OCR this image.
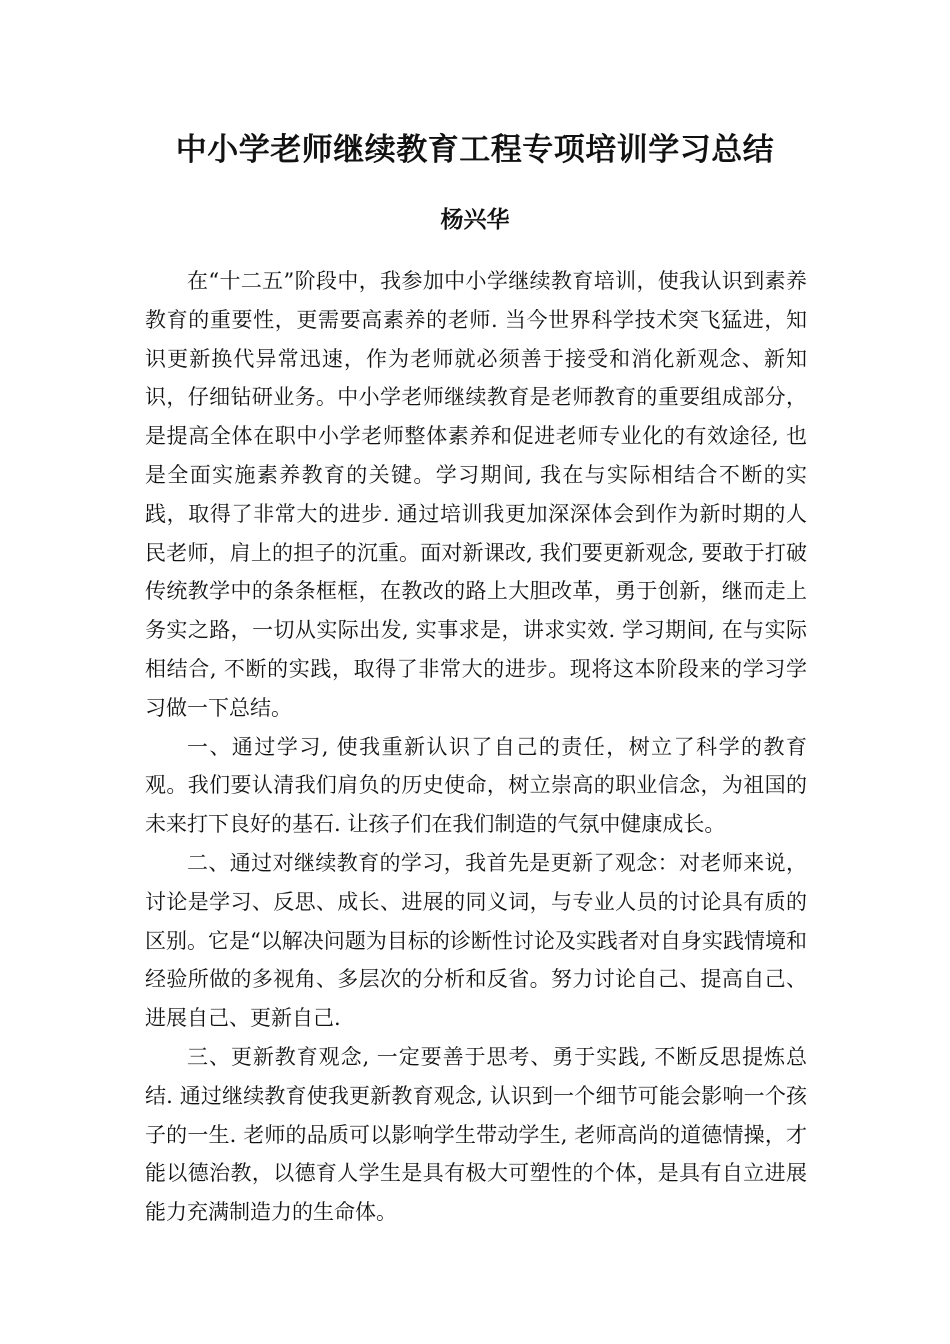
中小学老师继续教育工程专项培训学习总结
杨兴华

在“十二五”阶段中，我参加中小学继续教育培训，使我认识到素养教育的重要性，更需要高素养的老师. 当今世界科学技术突飞猛进，知识更新换代异常迅速，作为老师就必须善于接受和消化新观念、新知识，仔细钻研业务。中小学老师继续教育是老师教育的重要组成部分，是提高全体在职中小学老师整体素养和促进老师专业化的有效途径, 也是全面实施素养教育的关键。学习期间, 我在与实际相结合不断的实践，取得了非常大的进步. 通过培训我更加深深体会到作为新时期的人民老师，肩上的担子的沉重。面对新课改, 我们要更新观念, 要敢于打破传统教学中的条条框框，在教改的路上大胆改革，勇于创新，继而走上务实之路，一切从实际出发, 实事求是，讲求实效. 学习期间, 在与实际相结合, 不断的实践，取得了非常大的进步。现将这本阶段来的学习学习做一下总结。

一、通过学习, 使我重新认识了自己的责任，树立了科学的教育观。我们要认清我们肩负的历史使命，树立崇高的职业信念，为祖国的未来打下良好的基石. 让孩子们在我们制造的气氛中健康成长。

二、通过对继续教育的学习，我首先是更新了观念：对老师来说，讨论是学习、反思、成长、进展的同义词，与专业人员的讨论具有质的区别。它是“以解决问题为目标的诊断性讨论及实践者对自身实践情境和经验所做的多视角、多层次的分析和反省。努力讨论自己、提高自己、进展自己、更新自己.

三、更新教育观念, 一定要善于思考、勇于实践, 不断反思提炼总结. 通过继续教育使我更新教育观念, 认识到一个细节可能会影响一个孩子的一生. 老师的品质可以影响学生带动学生, 老师高尚的道德情操，才能以德治教，以德育人学生是具有极大可塑性的个体，是具有自立进展能力充满制造力的生命体。
